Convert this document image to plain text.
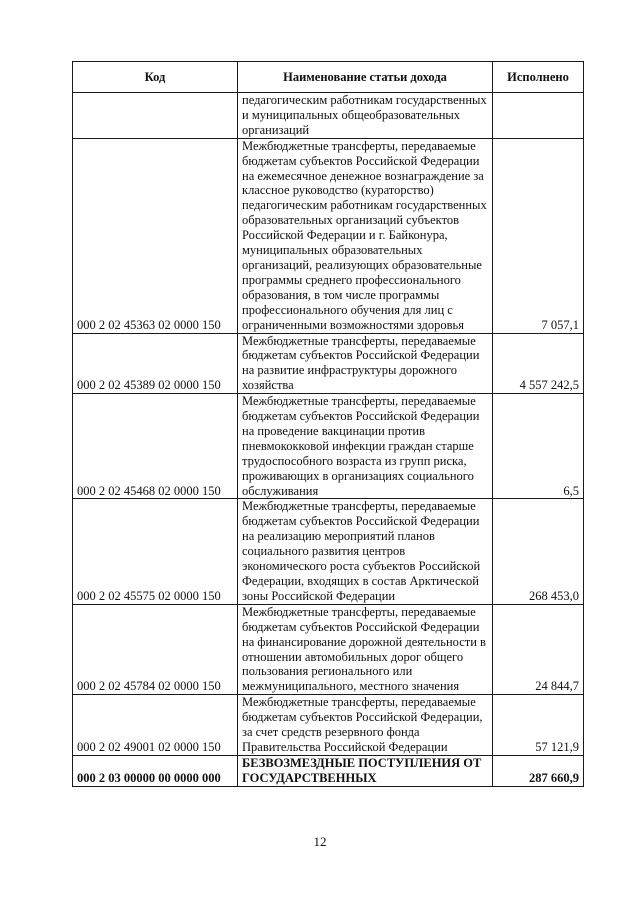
Код	Наименование статьи дохода	Исполнено
	педагогическим работникам государственных и муниципальных общеобразовательных организаций	
000 2 02 45363 02 0000 150	Межбюджетные трансферты, передаваемые бюджетам субъектов Российской Федерации на ежемесячное денежное вознаграждение за классное руководство (кураторство) педагогическим работникам государственных образовательных организаций субъектов Российской Федерации и г. Байконура, муниципальных образовательных организаций, реализующих образовательные программы среднего профессионального образования, в том числе программы профессионального обучения для лиц с ограниченными возможностями здоровья	7 057,1
000 2 02 45389 02 0000 150	Межбюджетные трансферты, передаваемые бюджетам субъектов Российской Федерации на развитие инфраструктуры дорожного хозяйства	4 557 242,5
000 2 02 45468 02 0000 150	Межбюджетные трансферты, передаваемые бюджетам субъектов Российской Федерации на проведение вакцинации против пневмококковой инфекции граждан старше трудоспособного возраста из групп риска, проживающих в организациях социального обслуживания	6,5
000 2 02 45575 02 0000 150	Межбюджетные трансферты, передаваемые бюджетам субъектов Российской Федерации на реализацию мероприятий планов социального развития центров экономического роста субъектов Российской Федерации, входящих в состав Арктической зоны Российской Федерации	268 453,0
000 2 02 45784 02 0000 150	Межбюджетные трансферты, передаваемые бюджетам субъектов Российской Федерации на финансирование дорожной деятельности в отношении автомобильных дорог общего пользования регионального или межмуниципального, местного значения	24 844,7
000 2 02 49001 02 0000 150	Межбюджетные трансферты, передаваемые бюджетам субъектов Российской Федерации, за счет средств резервного фонда Правительства Российской Федерации	57 121,9
000 2 03 00000 00 0000 000	БЕЗВОЗМЕЗДНЫЕ ПОСТУПЛЕНИЯ ОТ ГОСУДАРСТВЕННЫХ	287 660,9
12
